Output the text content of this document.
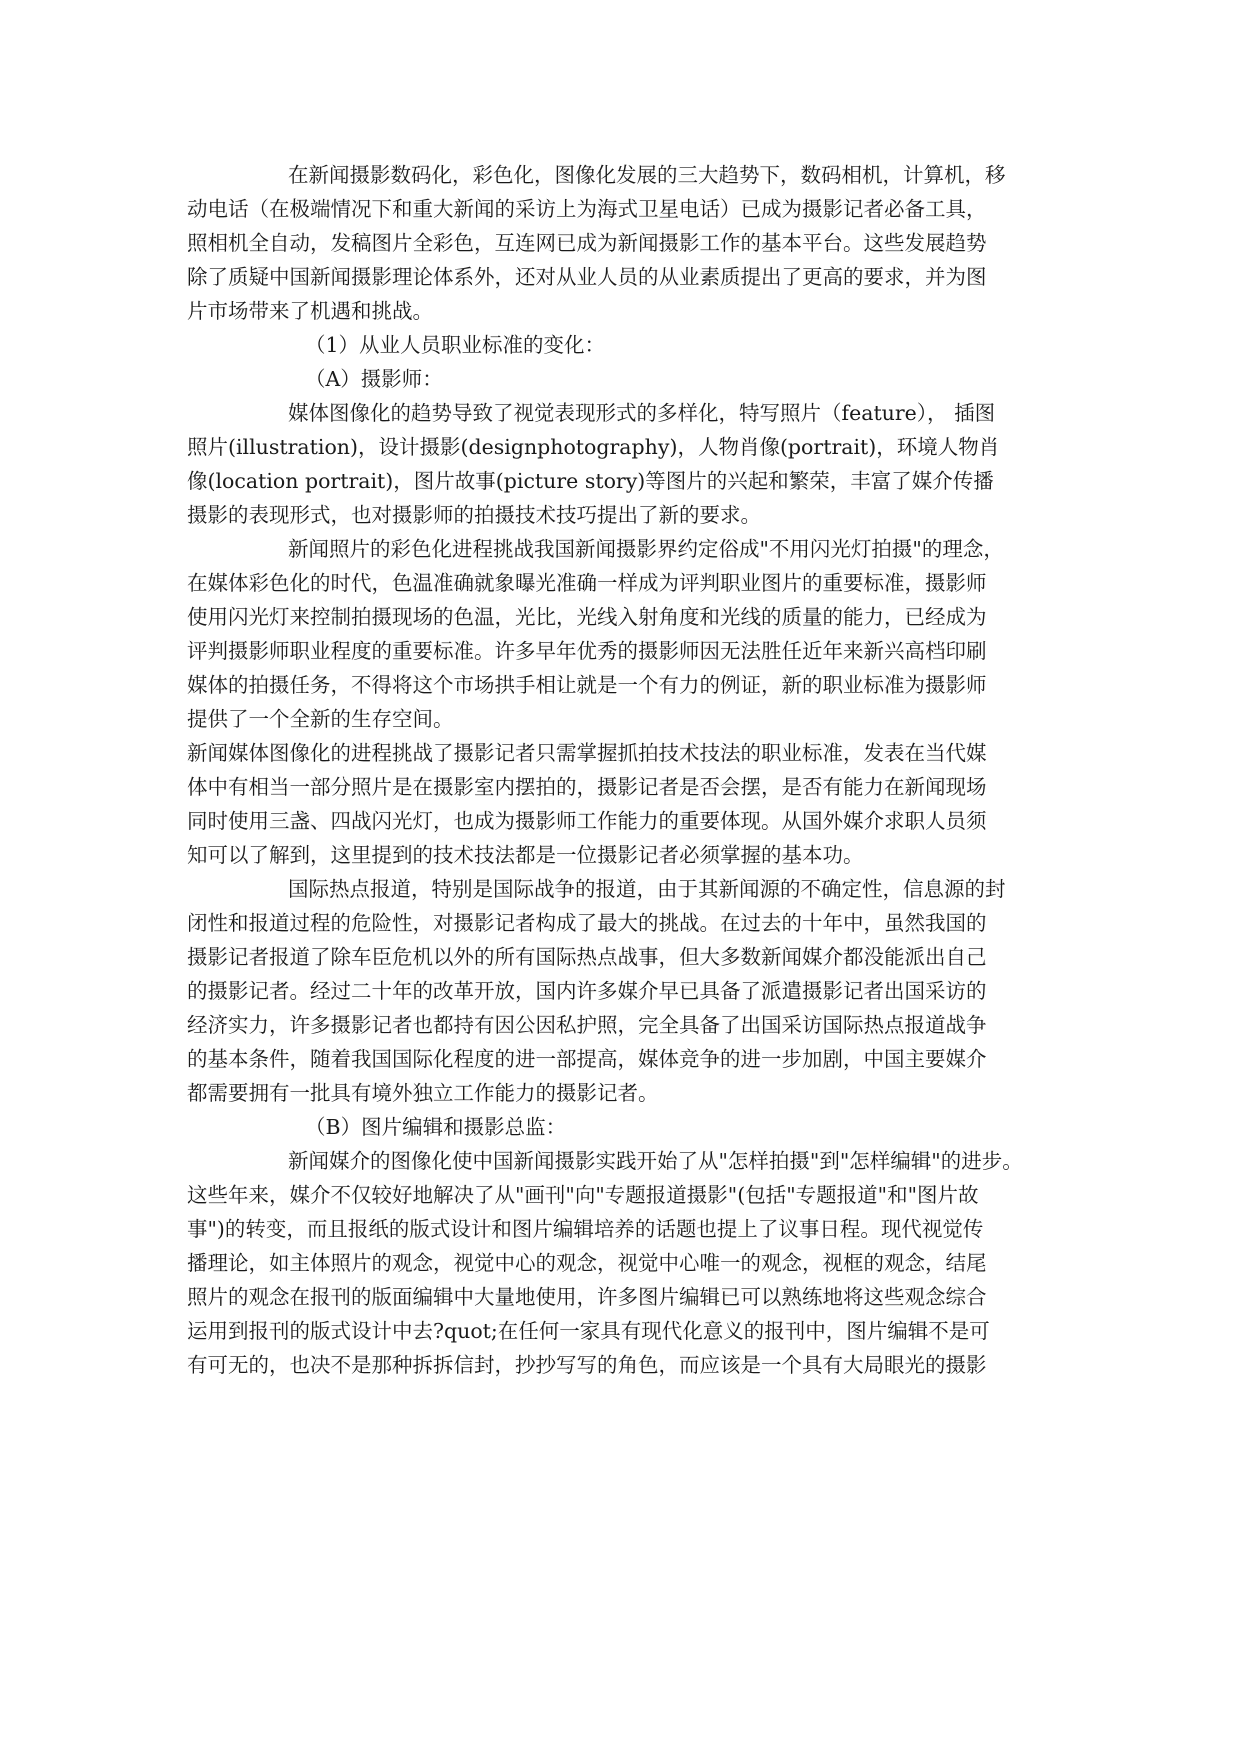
在新闻摄影数码化，彩色化，图像化发展的三大趋势下，数码相机，计算机，移
动电话（在极端情况下和重大新闻的采访上为海式卫星电话）已成为摄影记者必备工具，
照相机全自动，发稿图片全彩色，互连网已成为新闻摄影工作的基本平台。这些发展趋势
除了质疑中国新闻摄影理论体系外，还对从业人员的从业素质提出了更高的要求，并为图
片市场带来了机遇和挑战。
（1）从业人员职业标准的变化：
（A）摄影师：
媒体图像化的趋势导致了视觉表现形式的多样化，特写照片（feature）， 插图
照片(illustration)，设计摄影(designphotography)，人物肖像(portrait)，环境人物肖
像(location portrait)，图片故事(picture story)等图片的兴起和繁荣，丰富了媒介传播
摄影的表现形式，也对摄影师的拍摄技术技巧提出了新的要求。
新闻照片的彩色化进程挑战我国新闻摄影界约定俗成"不用闪光灯拍摄"的理念，
在媒体彩色化的时代，色温准确就象曝光准确一样成为评判职业图片的重要标准，摄影师
使用闪光灯来控制拍摄现场的色温，光比，光线入射角度和光线的质量的能力，已经成为
评判摄影师职业程度的重要标准。许多早年优秀的摄影师因无法胜任近年来新兴高档印刷
媒体的拍摄任务，不得将这个市场拱手相让就是一个有力的例证，新的职业标准为摄影师
提供了一个全新的生存空间。
新闻媒体图像化的进程挑战了摄影记者只需掌握抓拍技术技法的职业标准，发表在当代媒
体中有相当一部分照片是在摄影室内摆拍的，摄影记者是否会摆，是否有能力在新闻现场
同时使用三盏、四战闪光灯，也成为摄影师工作能力的重要体现。从国外媒介求职人员须
知可以了解到，这里提到的技术技法都是一位摄影记者必须掌握的基本功。
国际热点报道，特别是国际战争的报道，由于其新闻源的不确定性，信息源的封
闭性和报道过程的危险性，对摄影记者构成了最大的挑战。在过去的十年中，虽然我国的
摄影记者报道了除车臣危机以外的所有国际热点战事，但大多数新闻媒介都没能派出自己
的摄影记者。经过二十年的改革开放，国内许多媒介早已具备了派遣摄影记者出国采访的
经济实力，许多摄影记者也都持有因公因私护照，完全具备了出国采访国际热点报道战争
的基本条件，随着我国国际化程度的进一部提高，媒体竞争的进一步加剧，中国主要媒介
都需要拥有一批具有境外独立工作能力的摄影记者。
（B）图片编辑和摄影总监：
新闻媒介的图像化使中国新闻摄影实践开始了从"怎样拍摄"到"怎样编辑"的进步。
这些年来，媒介不仅较好地解决了从"画刊"向"专题报道摄影"(包括"专题报道"和"图片故
事")的转变，而且报纸的版式设计和图片编辑培养的话题也提上了议事日程。现代视觉传
播理论，如主体照片的观念，视觉中心的观念，视觉中心唯一的观念，视框的观念，结尾
照片的观念在报刊的版面编辑中大量地使用，许多图片编辑已可以熟练地将这些观念综合
运用到报刊的版式设计中去?quot;在任何一家具有现代化意义的报刊中，图片编辑不是可
有可无的，也决不是那种拆拆信封，抄抄写写的角色，而应该是一个具有大局眼光的摄影
